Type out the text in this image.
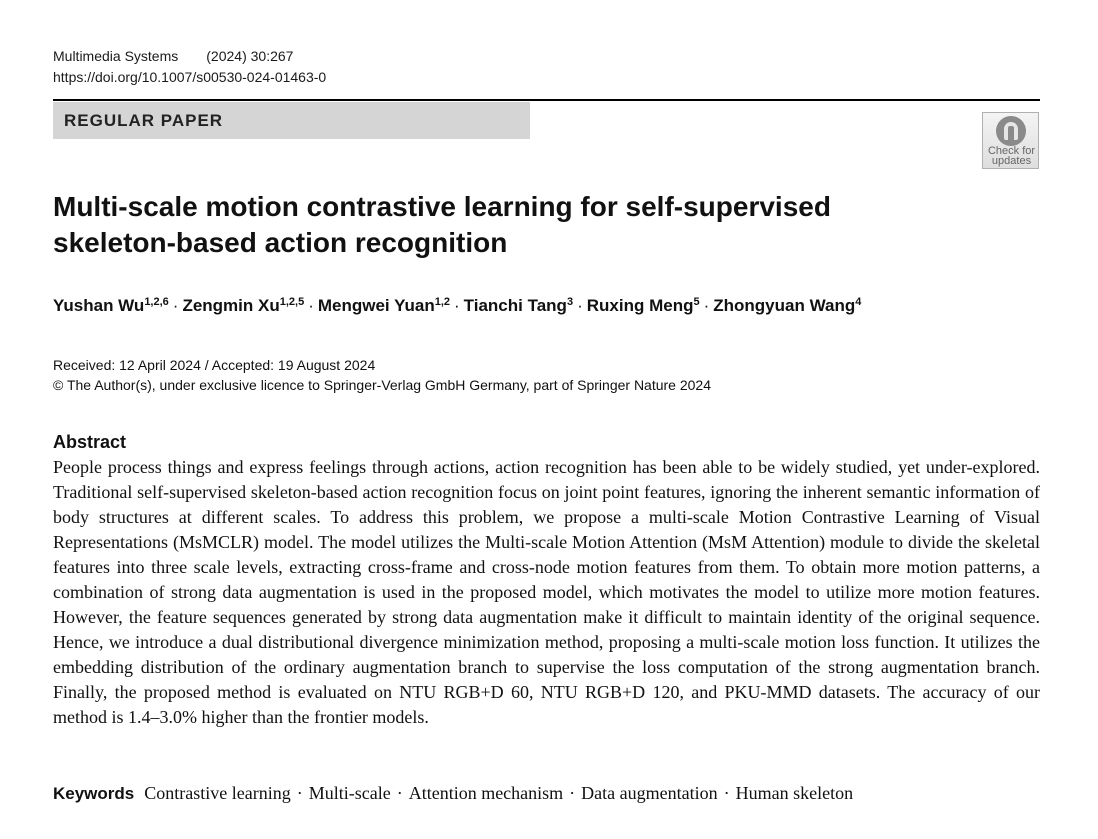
Multimedia Systems (2024) 30:267
https://doi.org/10.1007/s00530-024-01463-0
REGULAR PAPER
Check for
updates
Multi-scale motion contrastive learning for self-supervised skeleton-based action recognition
Yushan Wu$^{1,2,6}$ · Zengmin Xu$^{1,2,5}$ · Mengwei Yuan$^{1,2}$ · Tianchi Tang$^3$ · Ruxing Meng$^5$ · Zhongyuan Wang$^4$
Received: 12 April 2024 / Accepted: 19 August 2024
© The Author(s), under exclusive licence to Springer-Verlag GmbH Germany, part of Springer Nature 2024
Abstract

People process things and express feelings through actions, action recognition has been able to be widely studied, yet under-explored. Traditional self-supervised skeleton-based action recognition focus on joint point features, ignoring the inherent semantic information of body structures at different scales. To address this problem, we propose a multi-scale Motion Contrastive Learning of Visual Representations (MsMCLR) model. The model utilizes the Multi-scale Motion Attention (MsM Attention) module to divide the skeletal features into three scale levels, extracting cross-frame and cross-node motion features from them. To obtain more motion patterns, a combination of strong data augmentation is used in the proposed model, which motivates the model to utilize more motion features. However, the feature sequences generated by strong data augmentation make it difficult to maintain identity of the original sequence. Hence, we introduce a dual distributional divergence minimization method, proposing a multi-scale motion loss function. It utilizes the embedding distribution of the ordinary augmentation branch to supervise the loss computation of the strong augmentation branch. Finally, the proposed method is evaluated on NTU RGB+D 60, NTU RGB+D 120, and PKU-MMD datasets. The accuracy of our method is 1.4–3.0% higher than the frontier models.

Keywords Contrastive learning · Multi-scale · Attention mechanism · Data augmentation · Human skeleton
